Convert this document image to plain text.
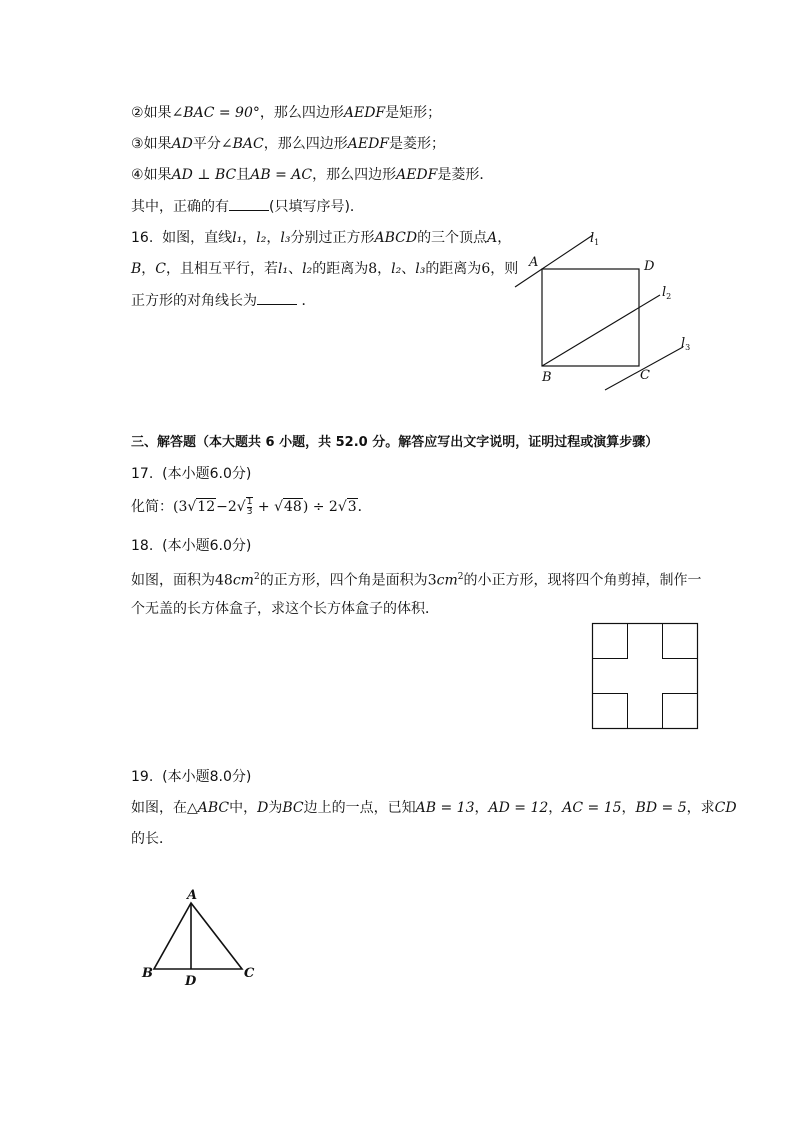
②如果∠BAC = 90°，那么四边形AEDF是矩形；
③如果AD平分∠BAC，那么四边形AEDF是菱形；
④如果AD ⊥ BC且AB = AC，那么四边形AEDF是菱形．
其中，正确的有	(只填写序号)．
16. 如图，直线l₁，l₂，l₃分别过正方形ABCD的三个顶点A，
B，C，且相互平行，若l₁、l₂的距离为8，l₂、l₃的距离为6，则
正方形的对角线长为	．
A	D
B	C
$l_1$
$l_2$
$l_3$
三、解答题（本大题共 6 小题，共 52.0 分。解答应写出文字说明，证明过程或演算步骤）
17. (本小题6.0分)
化简：$(3√12-2√ \frac{1}{3} + √48) \div 2√3$．
18. (本小题6.0分)
如图，面积为$48cm^2$的正方形，四个角是面积为$3cm^2$的小正方形，现将四个角剪掉，制作一
个无盖的长方体盒子，求这个长方体盒子的体积．
19. (本小题8.0分)
如图，在△ABC中，D为BC边上的一点，已知AB = 13，AD = 12，AC = 15，BD = 5，求CD
的长．
A
B	C
D
